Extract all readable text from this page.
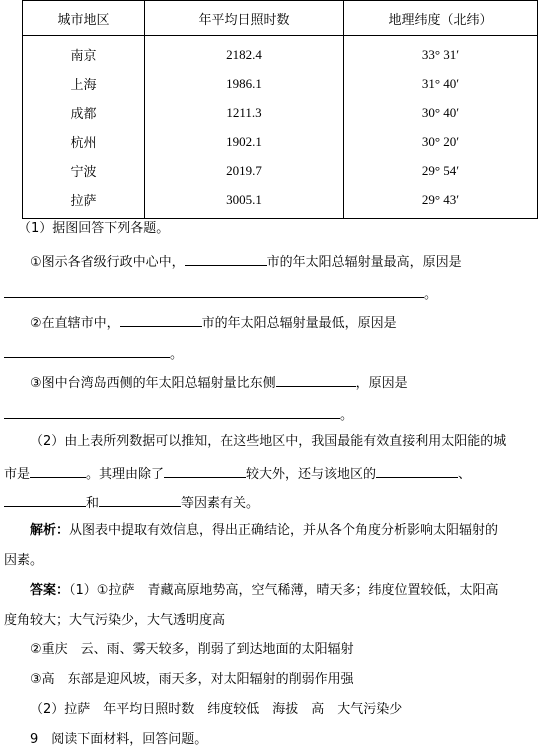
城市地区	年平均日照时数	地理纬度（北纬）
南京	2182.4	33° 31′
上海	1986.1	31° 40′
成都	1211.3	30° 40′
杭州	1902.1	30° 20′
宁波	2019.7	29° 54′
拉萨	3005.1	29° 43′
（1）据图回答下列各题。
①图示各省级行政中心中，	市的年太阳总辐射量最高，原因是
。
②在直辖市中，	市的年太阳总辐射量最低，原因是
。
③图中台湾岛西侧的年太阳总辐射量比东侧	，原因是
。
（2）由上表所列数据可以推知，在这些地区中，我国最能有效直接利用太阳能的城
市是	。其理由除了	较大外，还与该地区的	、
和	等因素有关。
解析：从图表中提取有效信息，得出正确结论，并从各个角度分析影响太阳辐射的
因素。
答案：（1）①拉萨　青藏高原地势高，空气稀薄，晴天多；纬度位置较低，太阳高
度角较大；大气污染少，大气透明度高
②重庆　云、雨、雾天较多，削弱了到达地面的太阳辐射
③高　东部是迎风坡，雨天多，对太阳辐射的削弱作用强
（2）拉萨　年平均日照时数　纬度较低　海拔　高　大气污染少
9　阅读下面材料，回答问题。
